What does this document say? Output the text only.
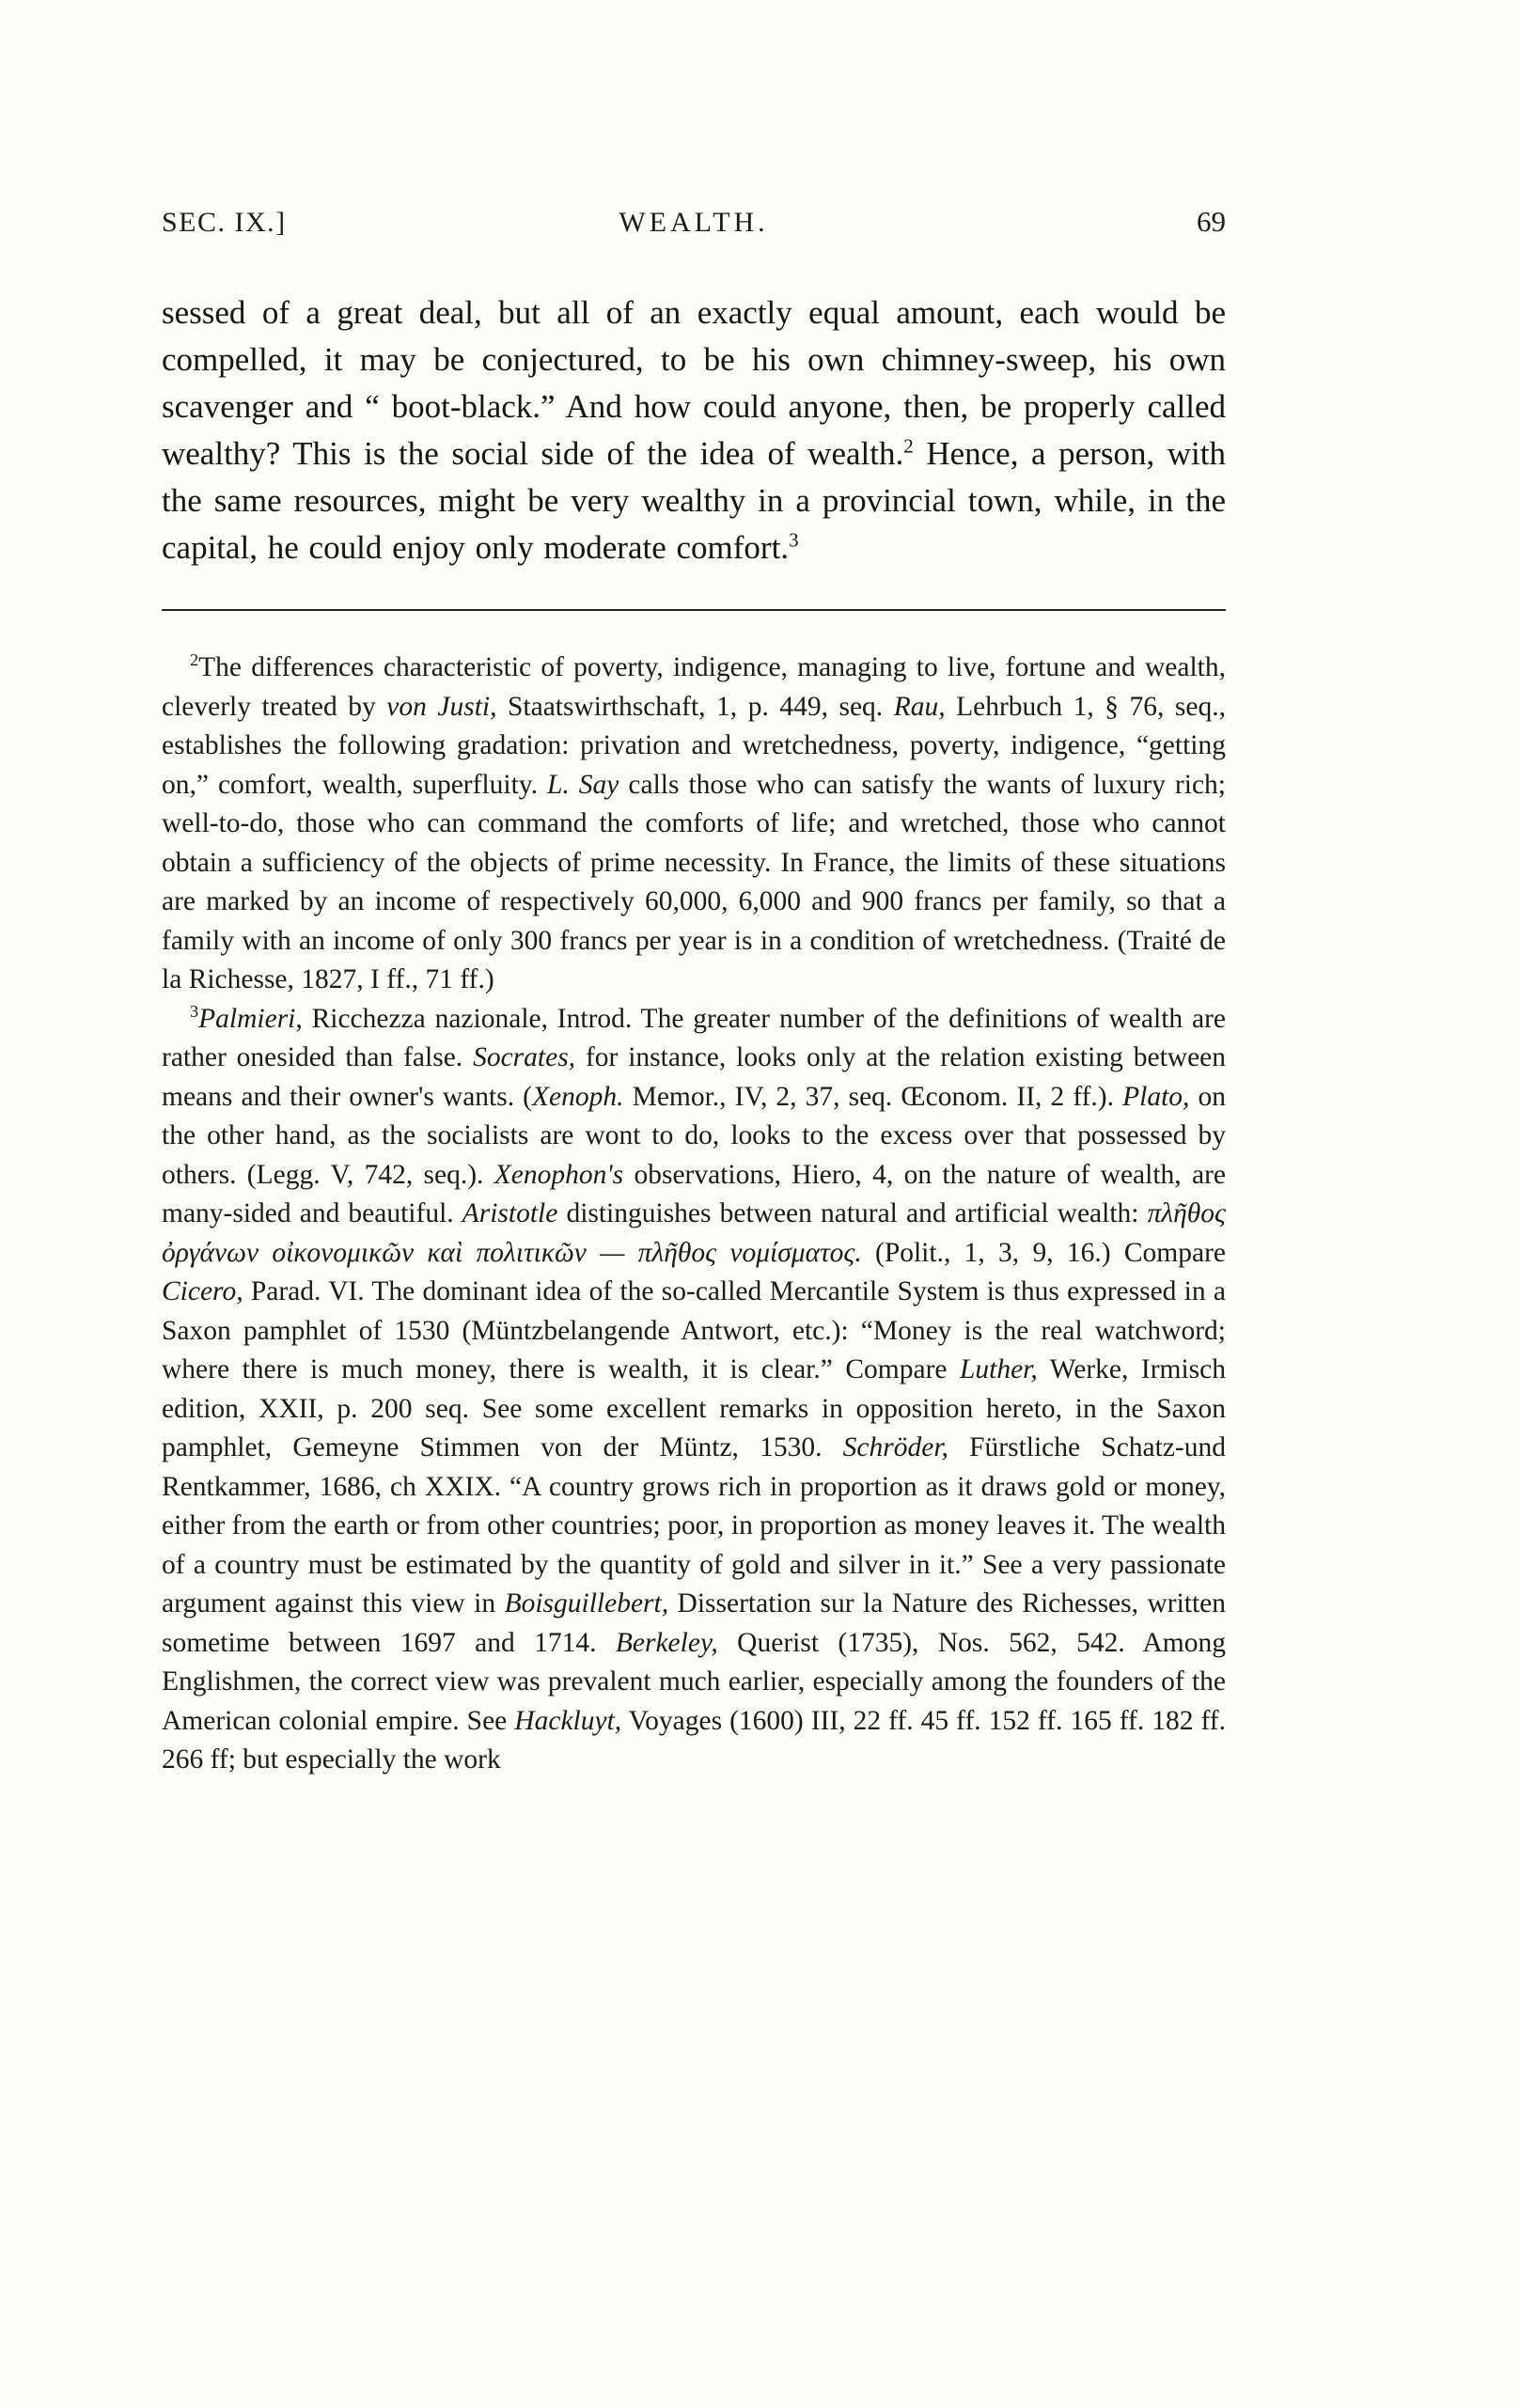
SEC. IX.]	WEALTH.	69
sessed of a great deal, but all of an exactly equal amount, each would be compelled, it may be conjectured, to be his own chimney-sweep, his own scavenger and “ boot-black.” And how could anyone, then, be properly called wealthy? This is the social side of the idea of wealth.$^2$ Hence, a person, with the same resources, might be very wealthy in a provincial town, while, in the capital, he could enjoy only moderate comfort.$^3$

$^2$The differences characteristic of poverty, indigence, managing to live, fortune and wealth, cleverly treated by von Justi, Staatswirthschaft, 1, p. 449, seq. Rau, Lehrbuch 1, § 76, seq., establishes the following gradation: privation and wretchedness, poverty, indigence, “getting on,” comfort, wealth, superfluity. L. Say calls those who can satisfy the wants of luxury rich; well-to-do, those who can command the comforts of life; and wretched, those who cannot obtain a sufficiency of the objects of prime necessity. In France, the limits of these situations are marked by an income of respectively 60,000, 6,000 and 900 francs per family, so that a family with an income of only 300 francs per year is in a condition of wretchedness. (Traité de la Richesse, 1827, I ff., 71 ff.)

$^3$Palmieri, Ricchezza nazionale, Introd. The greater number of the definitions of wealth are rather onesided than false. Socrates, for instance, looks only at the relation existing between means and their owner's wants. (Xenoph. Memor., IV, 2, 37, seq. Œconom. II, 2 ff.). Plato, on the other hand, as the socialists are wont to do, looks to the excess over that possessed by others. (Legg. V, 742, seq.). Xenophon's observations, Hiero, 4, on the nature of wealth, are many-sided and beautiful. Aristotle distinguishes between natural and artificial wealth: πλῆθος ὀργάνων οἰκονομικῶν καὶ πολιτικῶν — πλῆθος νομίσματος. (Polit., 1, 3, 9, 16.) Compare Cicero, Parad. VI. The dominant idea of the so-called Mercantile System is thus expressed in a Saxon pamphlet of 1530 (Müntzbelangende Antwort, etc.): “Money is the real watchword; where there is much money, there is wealth, it is clear.” Compare Luther, Werke, Irmisch edition, XXII, p. 200 seq. See some excellent remarks in opposition hereto, in the Saxon pamphlet, Gemeyne Stimmen von der Müntz, 1530. Schröder, Fürstliche Schatz-und Rentkammer, 1686, ch XXIX. “A country grows rich in proportion as it draws gold or money, either from the earth or from other countries; poor, in proportion as money leaves it. The wealth of a country must be estimated by the quantity of gold and silver in it.” See a very passionate argument against this view in Boisguillebert, Dissertation sur la Nature des Richesses, written sometime between 1697 and 1714. Berkeley, Querist (1735), Nos. 562, 542. Among Englishmen, the correct view was prevalent much earlier, especially among the founders of the American colonial empire. See Hackluyt, Voyages (1600) III, 22 ff. 45 ff. 152 ff. 165 ff. 182 ff. 266 ff; but especially the work
